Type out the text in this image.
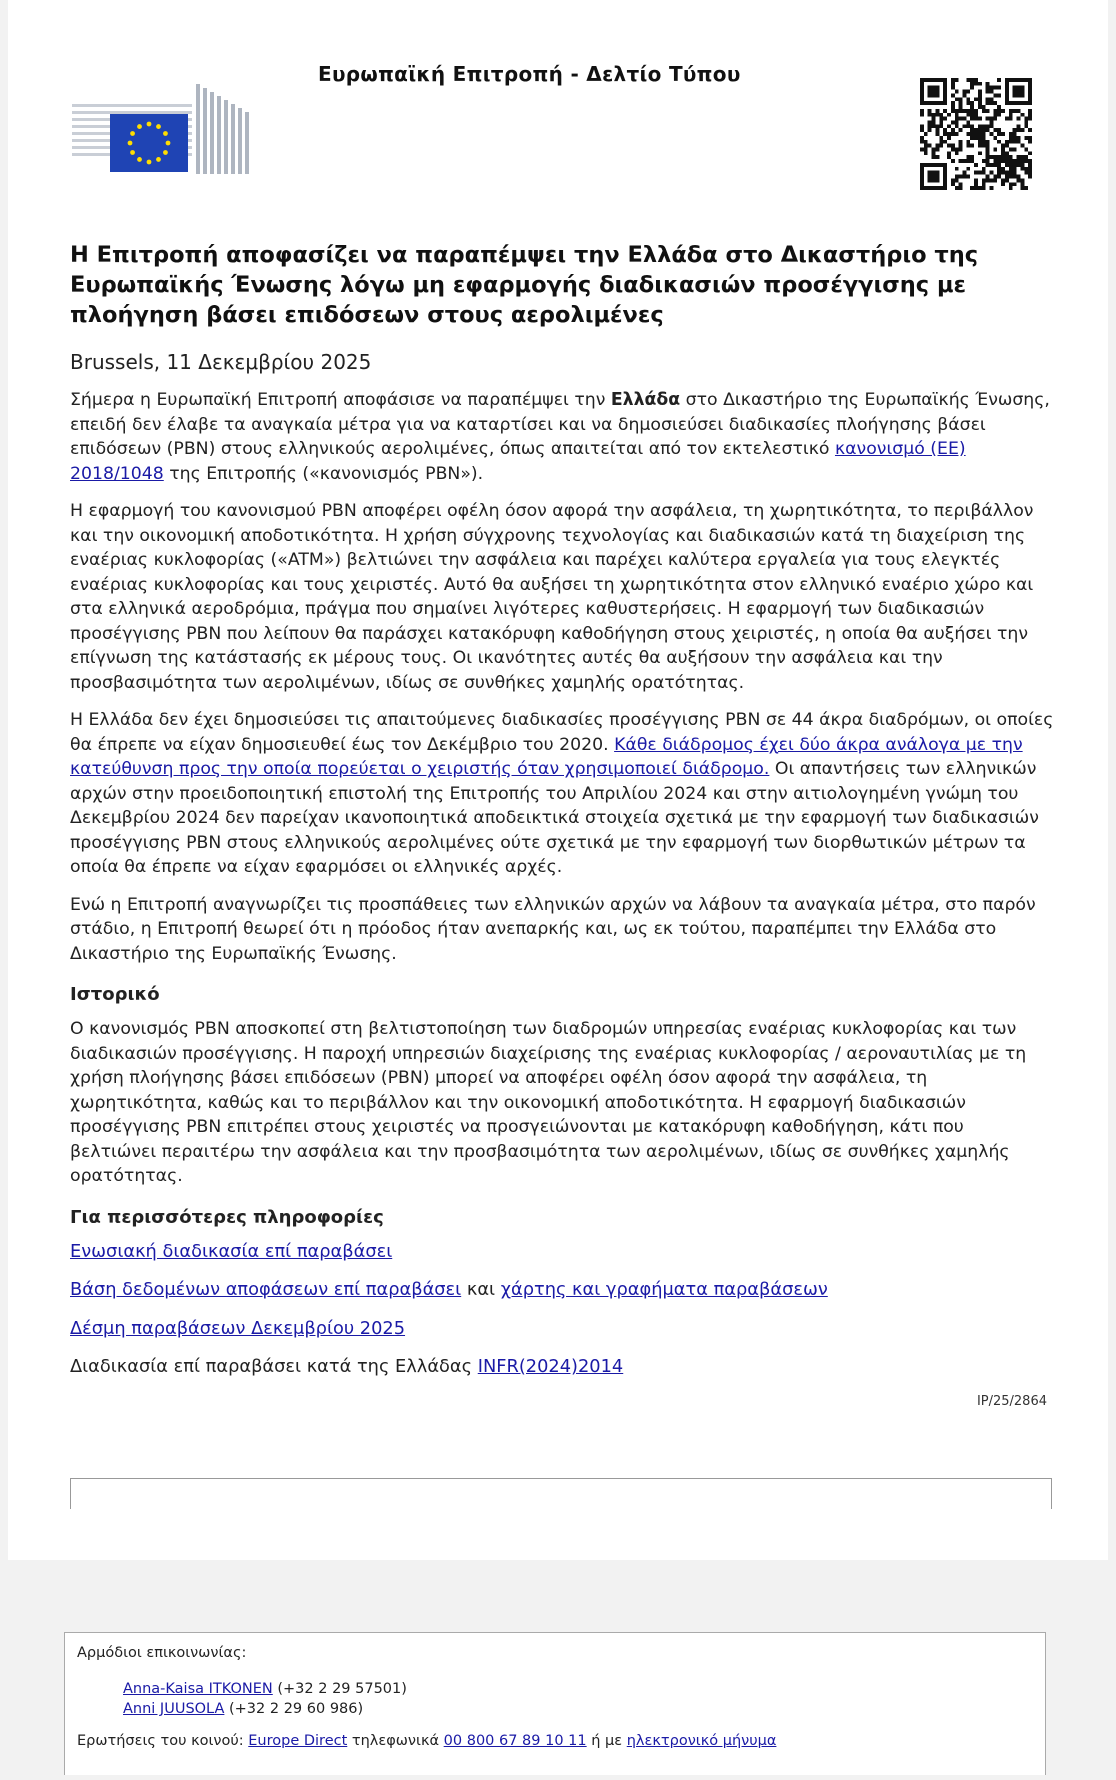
Ευρωπαϊκή Επιτροπή - Δελτίο Τύπου
Η Επιτροπή αποφασίζει να παραπέμψει την Ελλάδα στο Δικαστήριο της Ευρωπαϊκής Ένωσης λόγω μη εφαρμογής διαδικασιών προσέγγισης με πλοήγηση βάσει επιδόσεων στους αερολιμένες
Brussels, 11 Δεκεμβρίου 2025

Σήμερα η Ευρωπαϊκή Επιτροπή αποφάσισε να παραπέμψει την Ελλάδα στο Δικαστήριο της Ευρωπαϊκής Ένωσης, επειδή δεν έλαβε τα αναγκαία μέτρα για να καταρτίσει και να δημοσιεύσει διαδικασίες πλοήγησης βάσει επιδόσεων (PBN) στους ελληνικούς αερολιμένες, όπως απαιτείται από τον εκτελεστικό κανονισμό (ΕΕ) 2018/1048 της Επιτροπής («κανονισμός PBN»).

Η εφαρμογή του κανονισμού PBN αποφέρει οφέλη όσον αφορά την ασφάλεια, τη χωρητικότητα, το περιβάλλον και την οικονομική αποδοτικότητα. Η χρήση σύγχρονης τεχνολογίας και διαδικασιών κατά τη διαχείριση της εναέριας κυκλοφορίας («ATM») βελτιώνει την ασφάλεια και παρέχει καλύτερα εργαλεία για τους ελεγκτές εναέριας κυκλοφορίας και τους χειριστές. Αυτό θα αυξήσει τη χωρητικότητα στον ελληνικό εναέριο χώρο και στα ελληνικά αεροδρόμια, πράγμα που σημαίνει λιγότερες καθυστερήσεις. Η εφαρμογή των διαδικασιών προσέγγισης PBN που λείπουν θα παράσχει κατακόρυφη καθοδήγηση στους χειριστές, η οποία θα αυξήσει την επίγνωση της κατάστασής εκ μέρους τους. Οι ικανότητες αυτές θα αυξήσουν την ασφάλεια και την προσβασιμότητα των αερολιμένων, ιδίως σε συνθήκες χαμηλής ορατότητας.

Η Ελλάδα δεν έχει δημοσιεύσει τις απαιτούμενες διαδικασίες προσέγγισης PBN σε 44 άκρα διαδρόμων, οι οποίες θα έπρεπε να είχαν δημοσιευθεί έως τον Δεκέμβριο του 2020. Κάθε διάδρομος έχει δύο άκρα ανάλογα με την κατεύθυνση προς την οποία πορεύεται ο χειριστής όταν χρησιμοποιεί διάδρομο. Οι απαντήσεις των ελληνικών αρχών στην προειδοποιητική επιστολή της Επιτροπής του Απριλίου 2024 και στην αιτιολογημένη γνώμη του Δεκεμβρίου 2024 δεν παρείχαν ικανοποιητικά αποδεικτικά στοιχεία σχετικά με την εφαρμογή των διαδικασιών προσέγγισης PBN στους ελληνικούς αερολιμένες ούτε σχετικά με την εφαρμογή των διορθωτικών μέτρων τα οποία θα έπρεπε να είχαν εφαρμόσει οι ελληνικές αρχές.

Ενώ η Επιτροπή αναγνωρίζει τις προσπάθειες των ελληνικών αρχών να λάβουν τα αναγκαία μέτρα, στο παρόν στάδιο, η Επιτροπή θεωρεί ότι η πρόοδος ήταν ανεπαρκής και, ως εκ τούτου, παραπέμπει την Ελλάδα στο Δικαστήριο της Ευρωπαϊκής Ένωσης.

Ιστορικό

Ο κανονισμός PBN αποσκοπεί στη βελτιστοποίηση των διαδρομών υπηρεσίας εναέριας κυκλοφορίας και των διαδικασιών προσέγγισης. Η παροχή υπηρεσιών διαχείρισης της εναέριας κυκλοφορίας / αεροναυτιλίας με τη χρήση πλοήγησης βάσει επιδόσεων (PBN) μπορεί να αποφέρει οφέλη όσον αφορά την ασφάλεια, τη χωρητικότητα, καθώς και το περιβάλλον και την οικονομική αποδοτικότητα. Η εφαρμογή διαδικασιών προσέγγισης PBN επιτρέπει στους χειριστές να προσγειώνονται με κατακόρυφη καθοδήγηση, κάτι που βελτιώνει περαιτέρω την ασφάλεια και την προσβασιμότητα των αερολιμένων, ιδίως σε συνθήκες χαμηλής ορατότητας.

Για περισσότερες πληροφορίες

Ενωσιακή διαδικασία επί παραβάσει

Βάση δεδομένων αποφάσεων επί παραβάσει και χάρτης και γραφήματα παραβάσεων

Δέσμη παραβάσεων Δεκεμβρίου 2025

Διαδικασία επί παραβάσει κατά της Ελλάδας INFR(2024)2014

IP/25/2864
Αρμόδιοι επικοινωνίας:
Anna-Kaisa ITKONEN (+32 2 29 57501)
Anni JUUSOLA (+32 2 29 60 986)
Ερωτήσεις του κοινού: Europe Direct τηλεφωνικά 00 800 67 89 10 11 ή με ηλεκτρονικό μήνυμα
